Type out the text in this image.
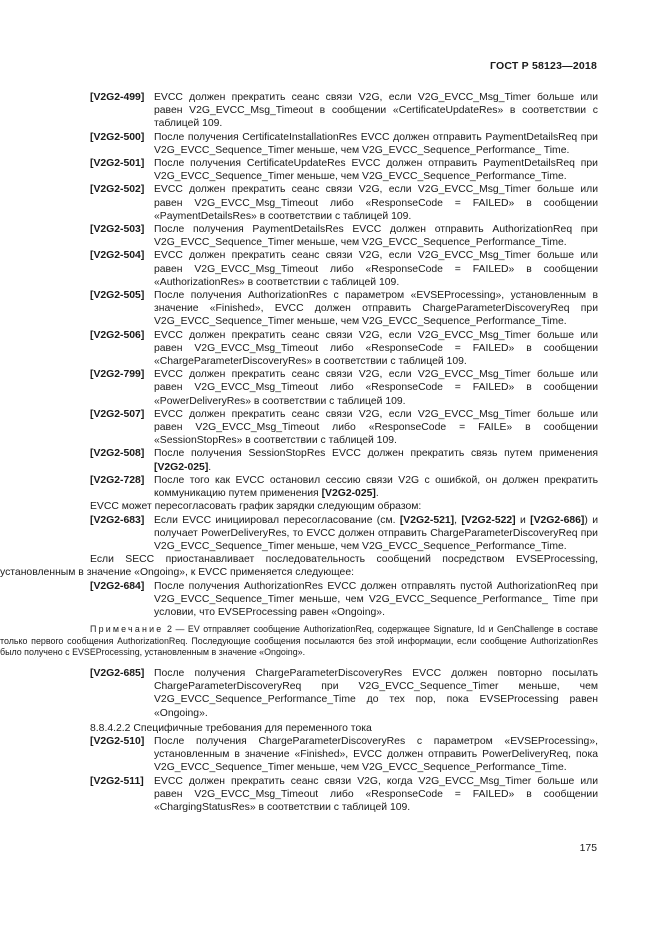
ГОСТ Р 58123—2018
[V2G2-499] EVCC должен прекратить сеанс связи V2G, если V2G_EVCC_Msg_Timer больше или равен V2G_EVCC_Msg_Timeout в сообщении «CertificateUpdateRes» в соответствии с таблицей 109.
[V2G2-500] После получения CertificateInstallationRes EVCC должен отправить PaymentDetailsReq при V2G_EVCC_Sequence_Timer меньше, чем V2G_EVCC_Sequence_Performance_ Time.
[V2G2-501] После получения CertificateUpdateRes EVCC должен отправить PaymentDetailsReq при V2G_EVCC_Sequence_Timer меньше, чем V2G_EVCC_Sequence_Performance_Time.
[V2G2-502] EVCC должен прекратить сеанс связи V2G, если V2G_EVCC_Msg_Timer больше или равен V2G_EVCC_Msg_Timeout либо «ResponseCode = FAILED» в сообщении «PaymentDetailsRes» в соответствии с таблицей 109.
[V2G2-503] После получения PaymentDetailsRes EVCC должен отправить AuthorizationReq при V2G_EVCC_Sequence_Timer меньше, чем V2G_EVCC_Sequence_Performance_Time.
[V2G2-504] EVCC должен прекратить сеанс связи V2G, если V2G_EVCC_Msg_Timer больше или равен V2G_EVCC_Msg_Timeout либо «ResponseCode = FAILED» в сообщении «AuthorizationRes» в соответствии с таблицей 109.
[V2G2-505] После получения AuthorizationRes с параметром «EVSEProcessing», установленным в значение «Finished», EVCC должен отправить ChargeParameterDiscoveryReq при V2G_EVCC_Sequence_Timer меньше, чем V2G_EVCC_Sequence_Performance_Time.
[V2G2-506] EVCC должен прекратить сеанс связи V2G, если V2G_EVCC_Msg_Timer больше или равен V2G_EVCC_Msg_Timeout либо «ResponseCode = FAILED» в сообщении «ChargeParameterDiscoveryRes» в соответствии с таблицей 109.
[V2G2-799] EVCC должен прекратить сеанс связи V2G, если V2G_EVCC_Msg_Timer больше или равен V2G_EVCC_Msg_Timeout либо «ResponseCode = FAILED» в сообщении «PowerDeliveryRes» в соответствии с таблицей 109.
[V2G2-507] EVCC должен прекратить сеанс связи V2G, если V2G_EVCC_Msg_Timer больше или равен V2G_EVCC_Msg_Timeout либо «ResponseCode = FAILE» в сообщении «SessionStopRes» в соответствии с таблицей 109.
[V2G2-508] После получения SessionStopRes EVCC должен прекратить связь путем применения [V2G2-025].
[V2G2-728] После того как EVCC остановил сессию связи V2G с ошибкой, он должен прекратить коммуникацию путем применения [V2G2-025].

EVCC может пересогласовать график зарядки следующим образом:

[V2G2-683] Если EVCC инициировал пересогласование (см. [V2G2-521], [V2G2-522] и [V2G2-686]) и получает PowerDeliveryRes, то EVCC должен отправить ChargeParameterDiscoveryReq при V2G_EVCC_Sequence_Timer меньше, чем V2G_EVCC_Sequence_Performance_Time.

Если SECC приостанавливает последовательность сообщений посредством EVSEProcessing, установленным в значение «Ongoing», к EVCC применяется следующее:

[V2G2-684] После получения AuthorizationRes EVCC должен отправлять пустой AuthorizationReq при V2G_EVCC_Sequence_Timer меньше, чем V2G_EVCC_Sequence_Performance_ Time при условии, что EVSEProcessing равен «Ongoing».
Примечание 2 — EV отправляет сообщение AuthorizationReq, содержащее Signature, Id и GenChallenge в составе только первого сообщения AuthorizationReq. Последующие сообщения посылаются без этой информации, если сообщение AuthorizationRes было получено с EVSEProcessing, установленным в значение «Ongoing».
[V2G2-685] После получения ChargeParameterDiscoveryRes EVCC должен повторно посылать ChargeParameterDiscoveryReq при V2G_EVCC_Sequence_Timer меньше, чем V2G_EVCC_Sequence_Performance_Time до тех пор, пока EVSEProcessing равен «Ongoing».

8.8.4.2.2 Специфичные требования для переменного тока

[V2G2-510] После получения ChargeParameterDiscoveryRes с параметром «EVSEProcessing», установленным в значение «Finished», EVCC должен отправить PowerDeliveryReq, пока V2G_EVCC_Sequence_Timer меньше, чем V2G_EVCC_Sequence_Performance_Time.
[V2G2-511] EVCC должен прекратить сеанс связи V2G, когда V2G_EVCC_Msg_Timer больше или равен V2G_EVCC_Msg_Timeout либо «ResponseCode = FAILED» в сообщении «ChargingStatusRes» в соответствии с таблицей 109.
175
